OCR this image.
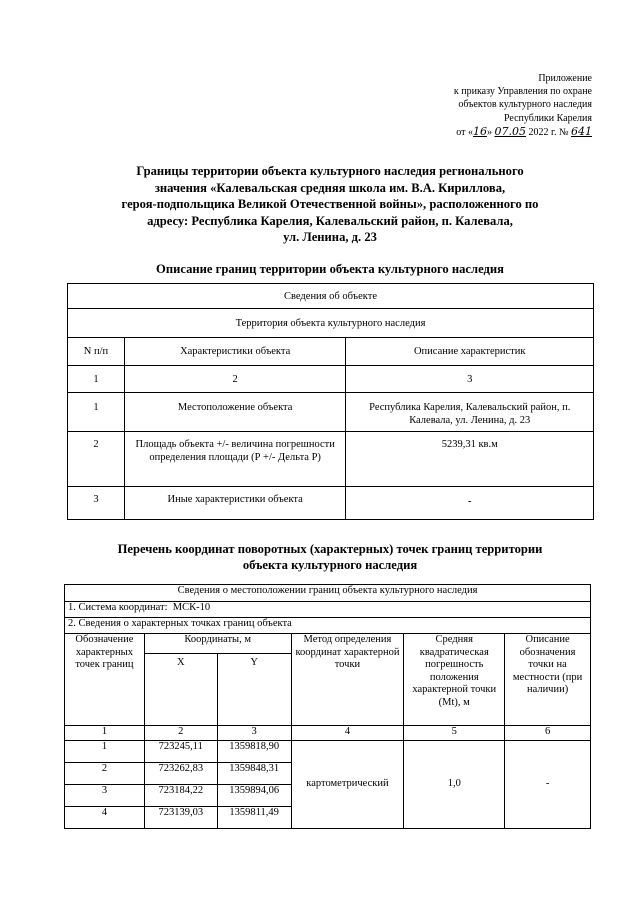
Приложение
к приказу Управления по охране
объектов культурного наследия
Республики Карелия
от «16» 07.05 2022 г. № 641
Границы территории объекта культурного наследия регионального
значения «Калевальская средняя школа им. В.А. Кириллова,
героя-подпольщика Великой Отечественной войны», расположенного по
адресу: Республика Карелия, Калевальский район, п. Калевала,
ул. Ленина, д. 23
Описание границ территории объекта культурного наследия
Сведения об объекте		
Территория объекта культурного наследия		
N п/п	Характеристики объекта	Описание характеристик
1	2	3
1	Местоположение объекта	Республика Карелия, Калевальский район, п. Калевала, ул. Ленина, д. 23
2	Площадь объекта +/- величина погрешности определения площади (Р +/- Дельта Р)	5239,31 кв.м
3	Иные характеристики объекта	-
Перечень координат поворотных (характерных) точек границ территории
объекта культурного наследия
Сведения о местоположении границ объекта культурного наследия					
1. Система координат: МСК-10					
2. Сведения о характерных точках границ объекта					
Обозначение характерных точек границ	Координаты, м		Метод определения координат характерной точки	Средняя квадратическая погрешность положения характерной точки (Мt), м	Описание обозначения точки на местности (при наличии)
	X	Y			
1	2	3	4	5	6
1	723245,11	1359818,90	картометрический	1,0	-
2	723262,83	1359848,31			
3	723184,22	1359894,06			
4	723139,03	1359811,49			
